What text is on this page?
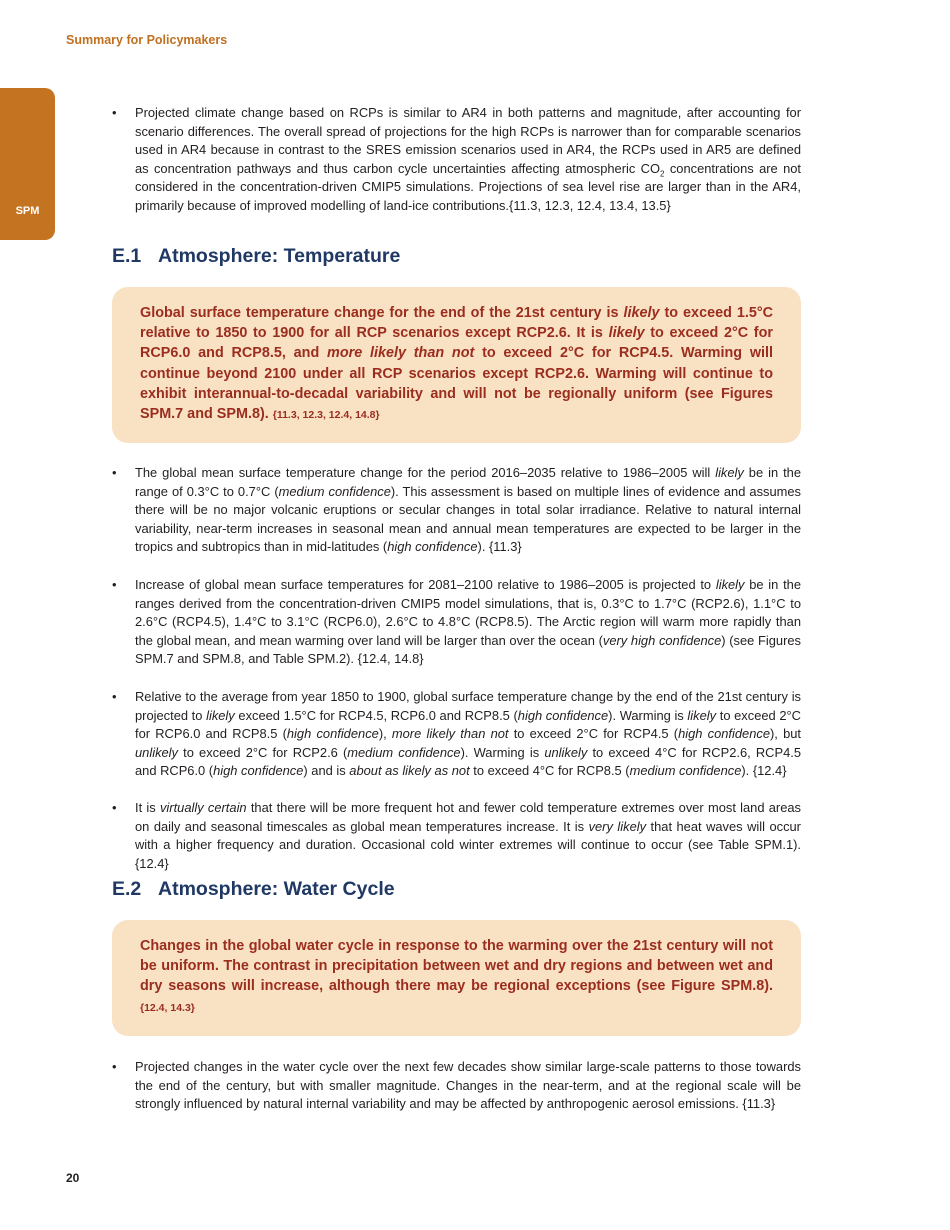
Summary for Policymakers
SPM
• Projected climate change based on RCPs is similar to AR4 in both patterns and magnitude, after accounting for scenario differences. The overall spread of projections for the high RCPs is narrower than for comparable scenarios used in AR4 because in contrast to the SRES emission scenarios used in AR4, the RCPs used in AR5 are defined as concentration pathways and thus carbon cycle uncertainties affecting atmospheric $CO_2$ concentrations are not considered in the concentration-driven CMIP5 simulations. Projections of sea level rise are larger than in the AR4, primarily because of improved modelling of land-ice contributions.{11.3, 12.3, 12.4, 13.4, 13.5}
E.1 Atmosphere: Temperature
Global surface temperature change for the end of the 21st century is likely to exceed 1.5°C relative to 1850 to 1900 for all RCP scenarios except RCP2.6. It is likely to exceed 2°C for RCP6.0 and RCP8.5, and more likely than not to exceed 2°C for RCP4.5. Warming will continue beyond 2100 under all RCP scenarios except RCP2.6. Warming will continue to exhibit interannual-to-decadal variability and will not be regionally uniform (see Figures SPM.7 and SPM.8). {11.3, 12.3, 12.4, 14.8}
• The global mean surface temperature change for the period 2016–2035 relative to 1986–2005 will likely be in the range of 0.3°C to 0.7°C (medium confidence). This assessment is based on multiple lines of evidence and assumes there will be no major volcanic eruptions or secular changes in total solar irradiance. Relative to natural internal variability, near-term increases in seasonal mean and annual mean temperatures are expected to be larger in the tropics and subtropics than in mid-latitudes (high confidence). {11.3}
• Increase of global mean surface temperatures for 2081–2100 relative to 1986–2005 is projected to likely be in the ranges derived from the concentration-driven CMIP5 model simulations, that is, 0.3°C to 1.7°C (RCP2.6), 1.1°C to 2.6°C (RCP4.5), 1.4°C to 3.1°C (RCP6.0), 2.6°C to 4.8°C (RCP8.5). The Arctic region will warm more rapidly than the global mean, and mean warming over land will be larger than over the ocean (very high confidence) (see Figures SPM.7 and SPM.8, and Table SPM.2). {12.4, 14.8}
• Relative to the average from year 1850 to 1900, global surface temperature change by the end of the 21st century is projected to likely exceed 1.5°C for RCP4.5, RCP6.0 and RCP8.5 (high confidence). Warming is likely to exceed 2°C for RCP6.0 and RCP8.5 (high confidence), more likely than not to exceed 2°C for RCP4.5 (high confidence), but unlikely to exceed 2°C for RCP2.6 (medium confidence). Warming is unlikely to exceed 4°C for RCP2.6, RCP4.5 and RCP6.0 (high confidence) and is about as likely as not to exceed 4°C for RCP8.5 (medium confidence). {12.4}
• It is virtually certain that there will be more frequent hot and fewer cold temperature extremes over most land areas on daily and seasonal timescales as global mean temperatures increase. It is very likely that heat waves will occur with a higher frequency and duration. Occasional cold winter extremes will continue to occur (see Table SPM.1). {12.4}
E.2 Atmosphere: Water Cycle
Changes in the global water cycle in response to the warming over the 21st century will not be uniform. The contrast in precipitation between wet and dry regions and between wet and dry seasons will increase, although there may be regional exceptions (see Figure SPM.8). {12.4, 14.3}
• Projected changes in the water cycle over the next few decades show similar large-scale patterns to those towards the end of the century, but with smaller magnitude. Changes in the near-term, and at the regional scale will be strongly influenced by natural internal variability and may be affected by anthropogenic aerosol emissions. {11.3}
20
